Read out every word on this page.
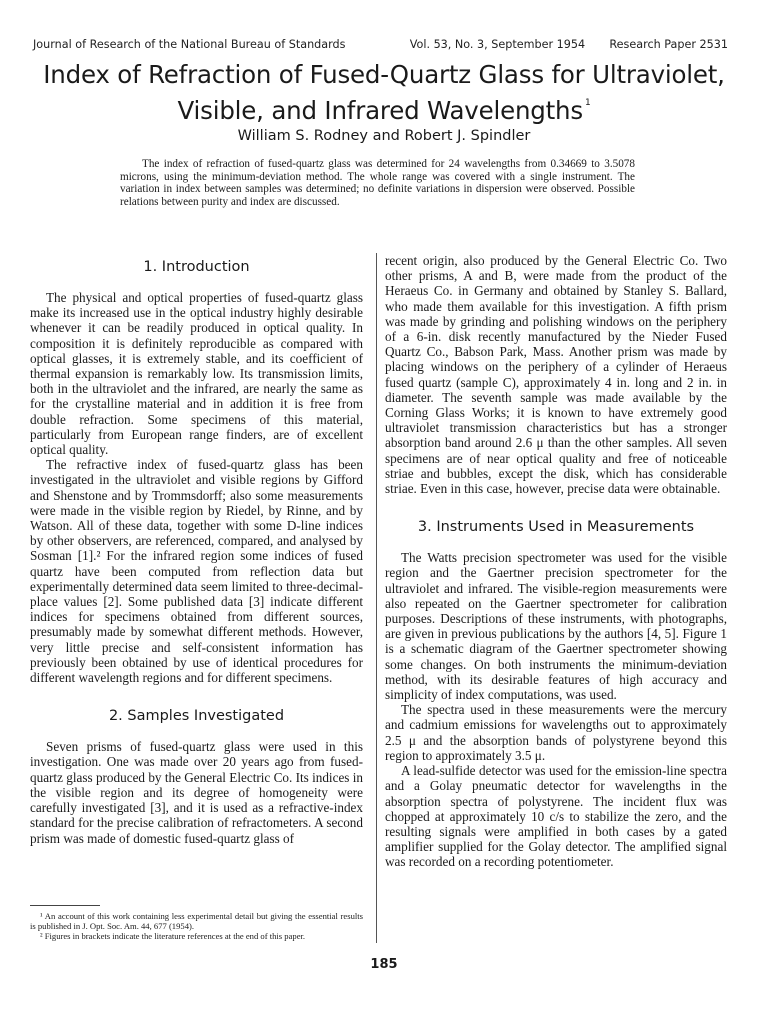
Journal of Research of the National Bureau of Standards	Vol. 53, No. 3, September 1954 Research Paper 2531
Index of Refraction of Fused-Quartz Glass for Ultraviolet,
Visible, and Infrared Wavelengths $^1$
William S. Rodney and Robert J. Spindler

The index of refraction of fused-quartz glass was determined for 24 wavelengths from 0.34669 to 3.5078 microns, using the minimum-deviation method. The whole range was covered with a single instrument. The variation in index between samples was determined; no definite variations in dispersion were observed. Possible relations between purity and index are discussed.

1. Introduction

The physical and optical properties of fused-quartz glass make its increased use in the optical industry highly desirable whenever it can be readily produced in optical quality. In composition it is definitely reproducible as compared with optical glasses, it is extremely stable, and its coefficient of thermal expansion is remarkably low. Its transmission limits, both in the ultraviolet and the infrared, are nearly the same as for the crystalline material and in addition it is free from double refraction. Some specimens of this material, particularly from European range finders, are of excellent optical quality.

The refractive index of fused-quartz glass has been investigated in the ultraviolet and visible regions by Gifford and Shenstone and by Trommsdorff; also some measurements were made in the visible region by Riedel, by Rinne, and by Watson. All of these data, together with some D-line indices by other observers, are referenced, compared, and analysed by Sosman [1].² For the infrared region some indices of fused quartz have been computed from reflection data but experimentally determined data seem limited to three-decimal-place values [2]. Some published data [3] indicate different indices for specimens obtained from different sources, presumably made by somewhat different methods. However, very little precise and self-consistent information has previously been obtained by use of identical procedures for different wavelength regions and for different specimens.

2. Samples Investigated

Seven prisms of fused-quartz glass were used in this investigation. One was made over 20 years ago from fused-quartz glass produced by the General Electric Co. Its indices in the visible region and its degree of homogeneity were carefully investigated [3], and it is used as a refractive-index standard for the precise calibration of refractometers. A second prism was made of domestic fused-quartz glass of

recent origin, also produced by the General Electric Co. Two other prisms, A and B, were made from the product of the Heraeus Co. in Germany and obtained by Stanley S. Ballard, who made them available for this investigation. A fifth prism was made by grinding and polishing windows on the periphery of a 6-in. disk recently manufactured by the Nieder Fused Quartz Co., Babson Park, Mass. Another prism was made by placing windows on the periphery of a cylinder of Heraeus fused quartz (sample C), approximately 4 in. long and 2 in. in diameter. The seventh sample was made available by the Corning Glass Works; it is known to have extremely good ultraviolet transmission characteristics but has a stronger absorption band around 2.6 μ than the other samples. All seven specimens are of near optical quality and free of noticeable striae and bubbles, except the disk, which has considerable striae. Even in this case, however, precise data were obtainable.

3. Instruments Used in Measurements

The Watts precision spectrometer was used for the visible region and the Gaertner precision spectrometer for the ultraviolet and infrared. The visible-region measurements were also repeated on the Gaertner spectrometer for calibration purposes. Descriptions of these instruments, with photographs, are given in previous publications by the authors [4, 5]. Figure 1 is a schematic diagram of the Gaertner spectrometer showing some changes. On both instruments the minimum-deviation method, with its desirable features of high accuracy and simplicity of index computations, was used.

The spectra used in these measurements were the mercury and cadmium emissions for wavelengths out to approximately 2.5 μ and the absorption bands of polystyrene beyond this region to approximately 3.5 μ.

A lead-sulfide detector was used for the emission-line spectra and a Golay pneumatic detector for wavelengths in the absorption spectra of polystyrene. The incident flux was chopped at approximately 10 c/s to stabilize the zero, and the resulting signals were amplified in both cases by a gated amplifier supplied for the Golay detector. The amplified signal was recorded on a recording potentiometer.

¹ An account of this work containing less experimental detail but giving the essential results is published in J. Opt. Soc. Am. 44, 677 (1954).

² Figures in brackets indicate the literature references at the end of this paper.

185
